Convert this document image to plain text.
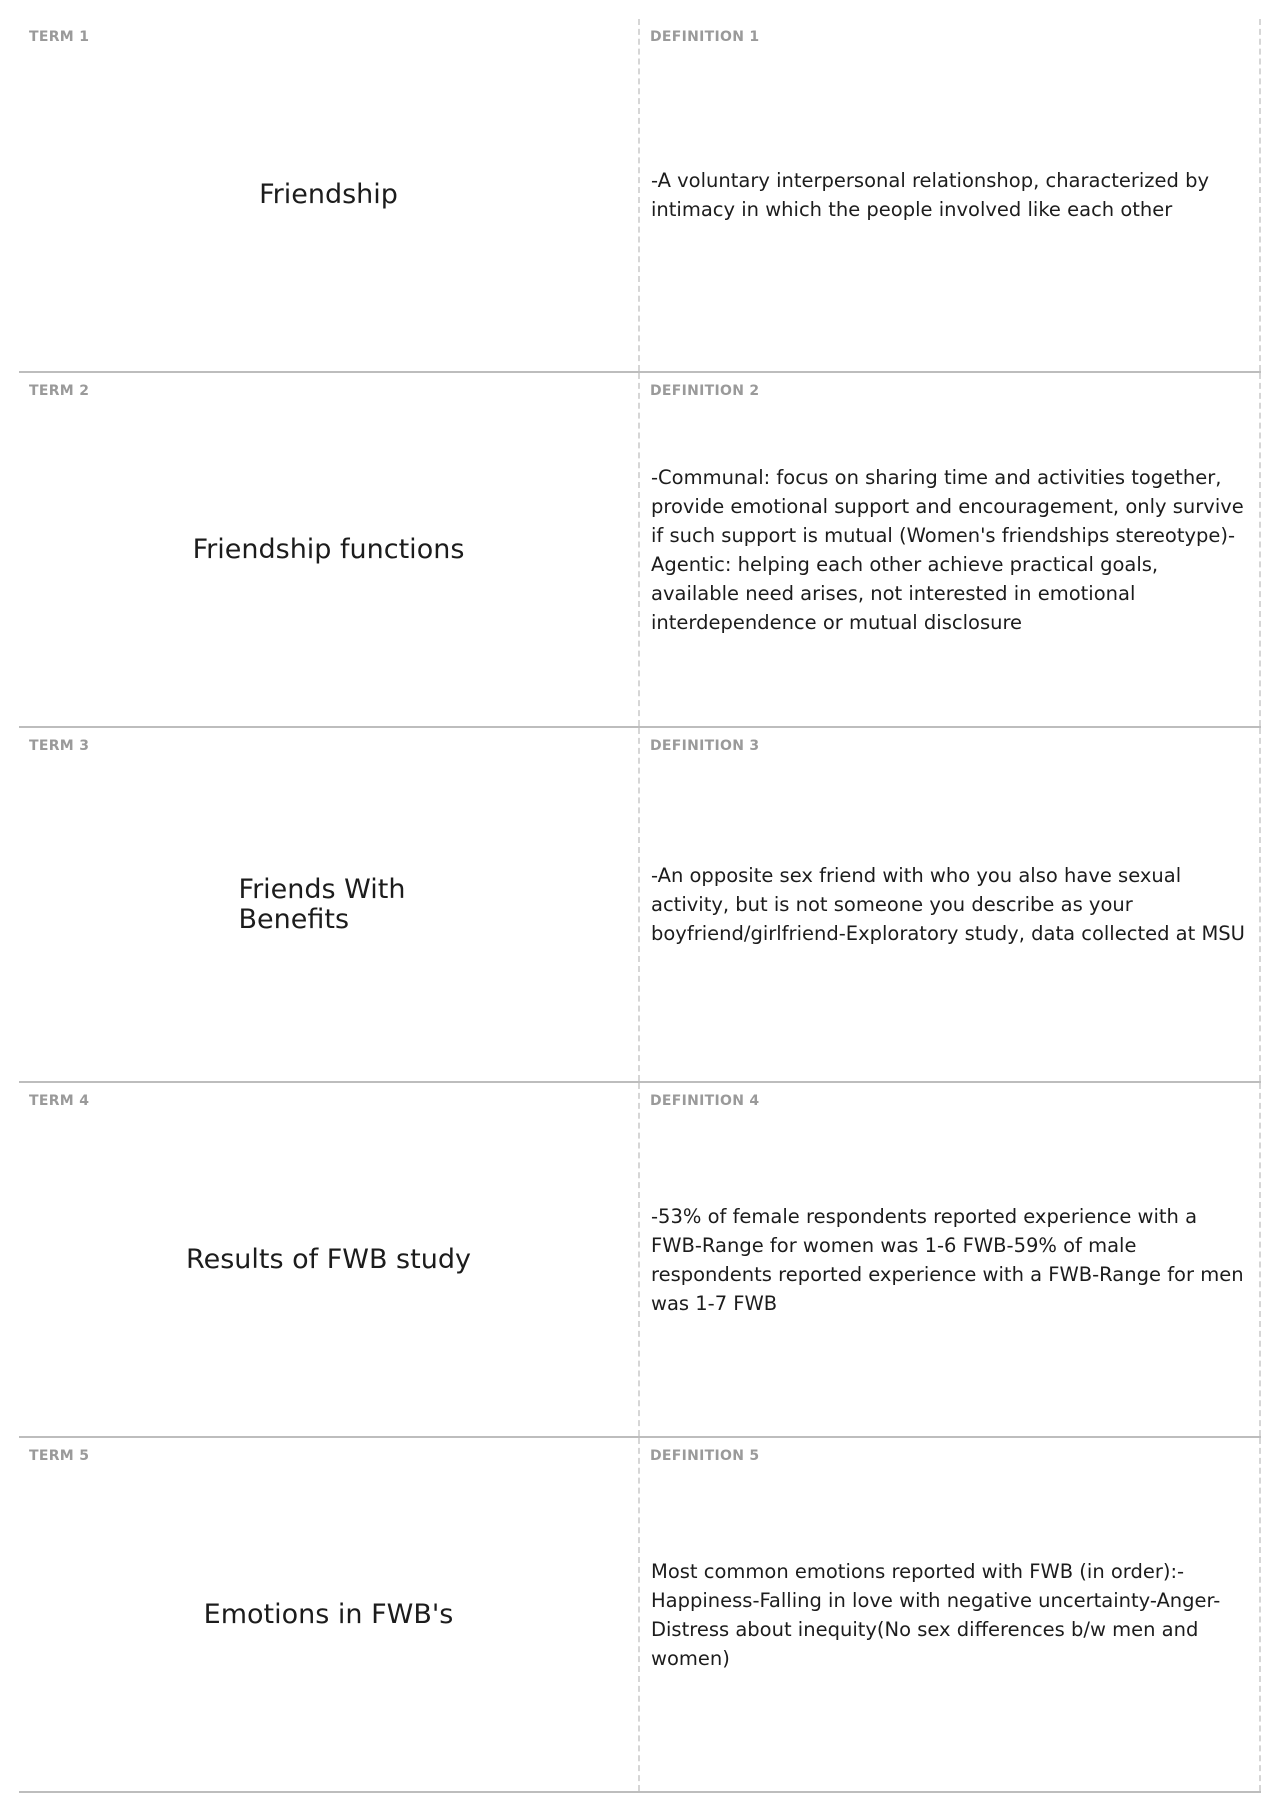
TERM 1
Friendship
DEFINITION 1
-A voluntary interpersonal relationshop, characterized by intimacy in which the people involved like each other
TERM 2
Friendship functions
DEFINITION 2
-Communal: focus on sharing time and activities together, provide emotional support and encouragement, only survive if such support is mutual (Women's friendships stereotype)-Agentic: helping each other achieve practical goals, available need arises, not interested in emotional interdependence or mutual disclosure
TERM 3
Friends With Benefits
DEFINITION 3
-An opposite sex friend with who you also have sexual activity, but is not someone you describe as your boyfriend/girlfriend-Exploratory study, data collected at MSU
TERM 4
Results of FWB study
DEFINITION 4
-53% of female respondents reported experience with a FWB-Range for women was 1-6 FWB-59% of male respondents reported experience with a FWB-Range for men was 1-7 FWB
TERM 5
Emotions in FWB's
DEFINITION 5
Most common emotions reported with FWB (in order):-Happiness-Falling in love with negative uncertainty-Anger-Distress about inequity(No sex differences b/w men and women)
